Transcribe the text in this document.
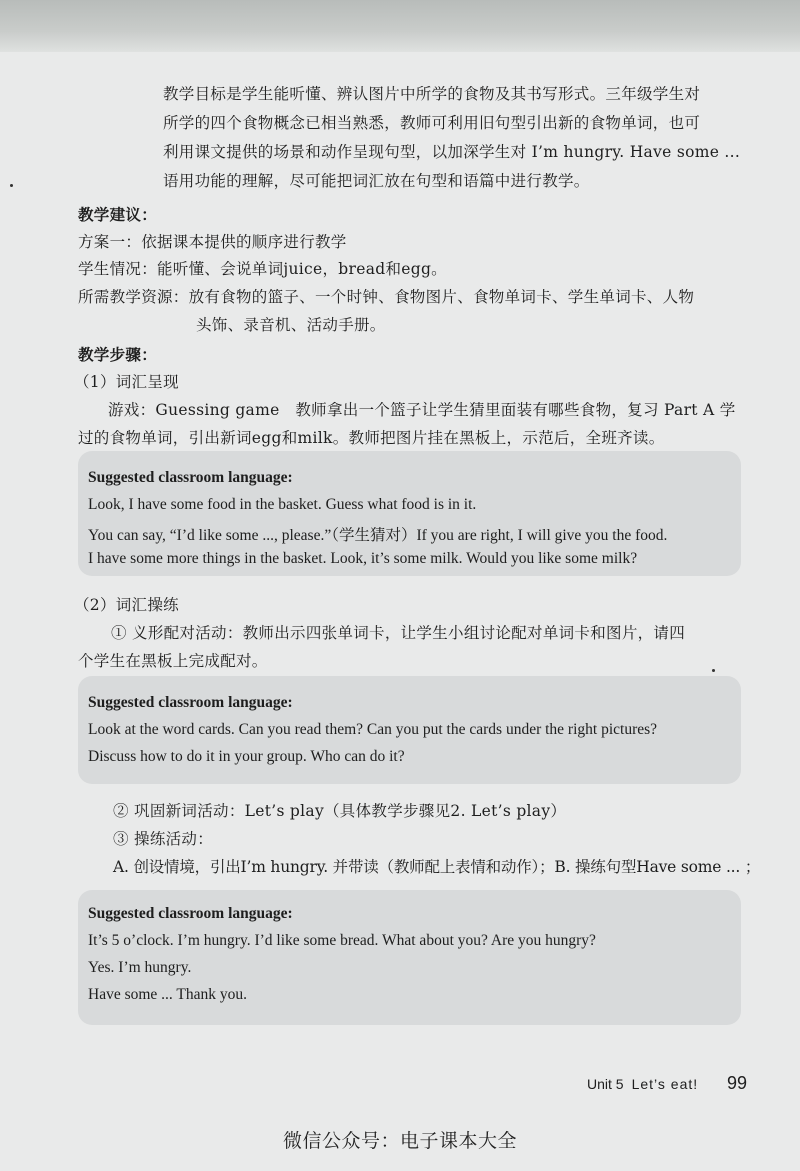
教学目标是学生能听懂、辨认图片中所学的食物及其书写形式。三年级学生对
所学的四个食物概念已相当熟悉，教师可利用旧句型引出新的食物单词，也可
利用课文提供的场景和动作呈现句型，以加深学生对 I’m hungry. Have some ...
语用功能的理解，尽可能把词汇放在句型和语篇中进行教学。
教学建议：
方案一：依据课本提供的顺序进行教学
学生情况：能听懂、会说单词juice，bread和egg。
所需教学资源：放有食物的篮子、一个时钟、食物图片、食物单词卡、学生单词卡、人物
头饰、录音机、活动手册。
教学步骤：
（1）词汇呈现
游戏：Guessing game　教师拿出一个篮子让学生猜里面装有哪些食物，复习 Part A 学
过的食物单词，引出新词egg和milk。教师把图片挂在黑板上，示范后，全班齐读。
Suggested classroom language:
Look, I have some food in the basket. Guess what food is in it.
You can say, “I’d like some ..., please.”（学生猜对）If you are right, I will give you the food.
I have some more things in the basket. Look, it’s some milk. Would you like some milk?
（2）词汇操练
① 义形配对活动：教师出示四张单词卡，让学生小组讨论配对单词卡和图片，请四
个学生在黑板上完成配对。
Suggested classroom language:
Look at the word cards. Can you read them? Can you put the cards under the right pictures?
Discuss how to do it in your group. Who can do it?
② 巩固新词活动：Let’s play（具体教学步骤见2. Let’s play）
③ 操练活动：
A. 创设情境，引出I’m hungry. 并带读（教师配上表情和动作）；B. 操练句型Have some ... ；
Suggested classroom language:
It’s 5 o’clock. I’m hungry. I’d like some bread. What about you? Are you hungry?
Yes. I’m hungry.
Have some ... Thank you.
Unit 5 Let’s eat! 99
微信公众号：电子课本大全
